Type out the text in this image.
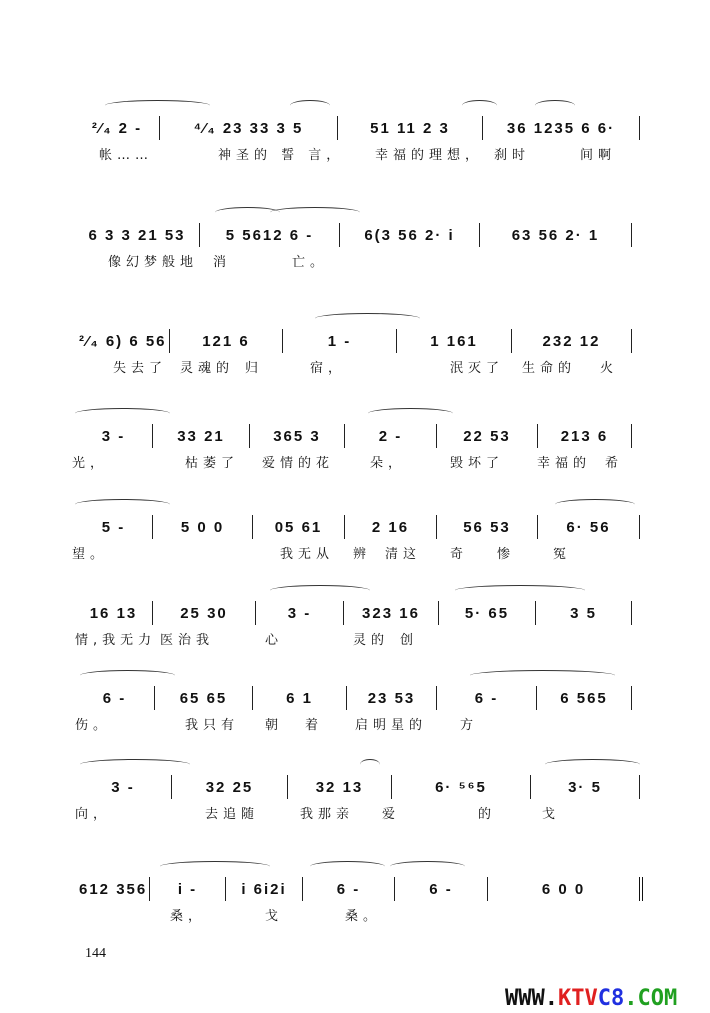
²⁄₄ 2 -	⁴⁄₄ 23 33 3 5	51 11 2 3	36 1235 6 6·
帐……	神圣的 誓 言， 幸福的理想， 刹时	间啊
6 3 3 21 53	5 5612 6 -	6(3 56 2· i	63 56 2· 1
像幻梦般地 消	亡。
²⁄₄ 6) 6 56	121 6	1 -	1 161	232 12
失去了 灵魂的 归	宿，	泯灭了 生命的 火
3 -	33 21	365 3	2 -	22 53	213 6
光，	枯萎了 爱情的花	朵，	毁坏了	幸福的 希
5 -	5 0 0	05 61	2 16	56 53	6· 56
望。	我无从 辨 清这 奇 惨	冤
16 13	25 30	3 -	323 16	5· 65	3 5
情,我无力 医治我	心	灵的 创
6 -	65 65	6 1	23 53	6 -	6 565
伤。	我只有 朝 着 启明星的	方
3 -	32 25	32 13	6· ⁵⁶5	3· 5
向，	去追随	我那亲 爱	的	戈
612 356	i -	i 6i2i	6 -	6 -	6 0 0
桑，	戈	桑。
144
WWW.KTVC8.COM
